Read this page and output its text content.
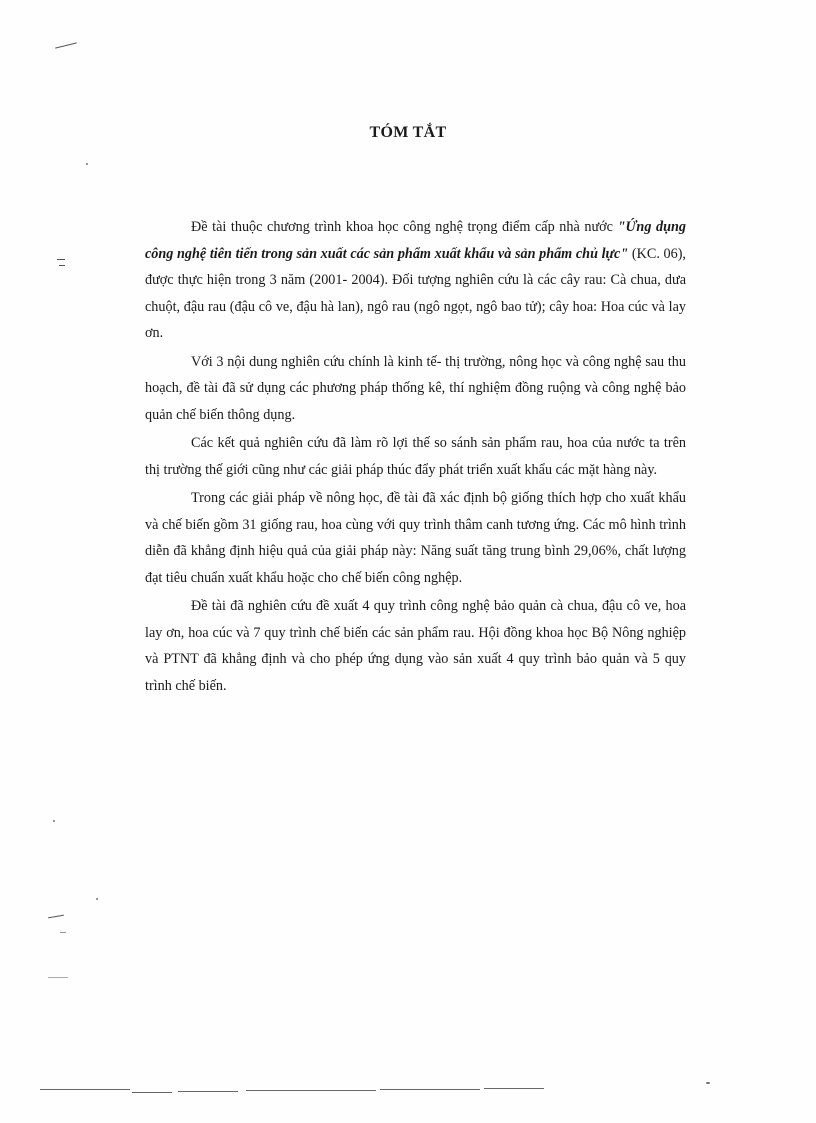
TÓM TẮT

Đề tài thuộc chương trình khoa học công nghệ trọng điểm cấp nhà nước "Ứng dụng công nghệ tiên tiến trong sản xuất các sản phẩm xuất khẩu và sản phẩm chủ lực" (KC. 06), được thực hiện trong 3 năm (2001- 2004). Đối tượng nghiên cứu là các cây rau: Cà chua, dưa chuột, đậu rau (đậu cô ve, đậu hà lan), ngô rau (ngô ngọt, ngô bao tử); cây hoa: Hoa cúc và lay ơn.

Với 3 nội dung nghiên cứu chính là kinh tế- thị trường, nông học và công nghệ sau thu hoạch, đề tài đã sử dụng các phương pháp thống kê, thí nghiệm đồng ruộng và công nghệ bảo quản chế biến thông dụng.

Các kết quả nghiên cứu đã làm rõ lợi thế so sánh sản phẩm rau, hoa của nước ta trên thị trường thế giới cũng như các giải pháp thúc đẩy phát triển xuất khẩu các mặt hàng này.

Trong các giải pháp về nông học, đề tài đã xác định bộ giống thích hợp cho xuất khẩu và chế biến gồm 31 giống rau, hoa cùng với quy trình thâm canh tương ứng. Các mô hình trình diễn đã khẳng định hiệu quả của giải pháp này: Năng suất tăng trung bình 29,06%, chất lượng đạt tiêu chuẩn xuất khẩu hoặc cho chế biến công nghệp.

Đề tài đã nghiên cứu đề xuất 4 quy trình công nghệ bảo quản cà chua, đậu cô ve, hoa lay ơn, hoa cúc và 7 quy trình chế biến các sản phẩm rau. Hội đồng khoa học Bộ Nông nghiệp và PTNT đã khẳng định và cho phép ứng dụng vào sản xuất 4 quy trình bảo quản và 5 quy trình chế biến.
